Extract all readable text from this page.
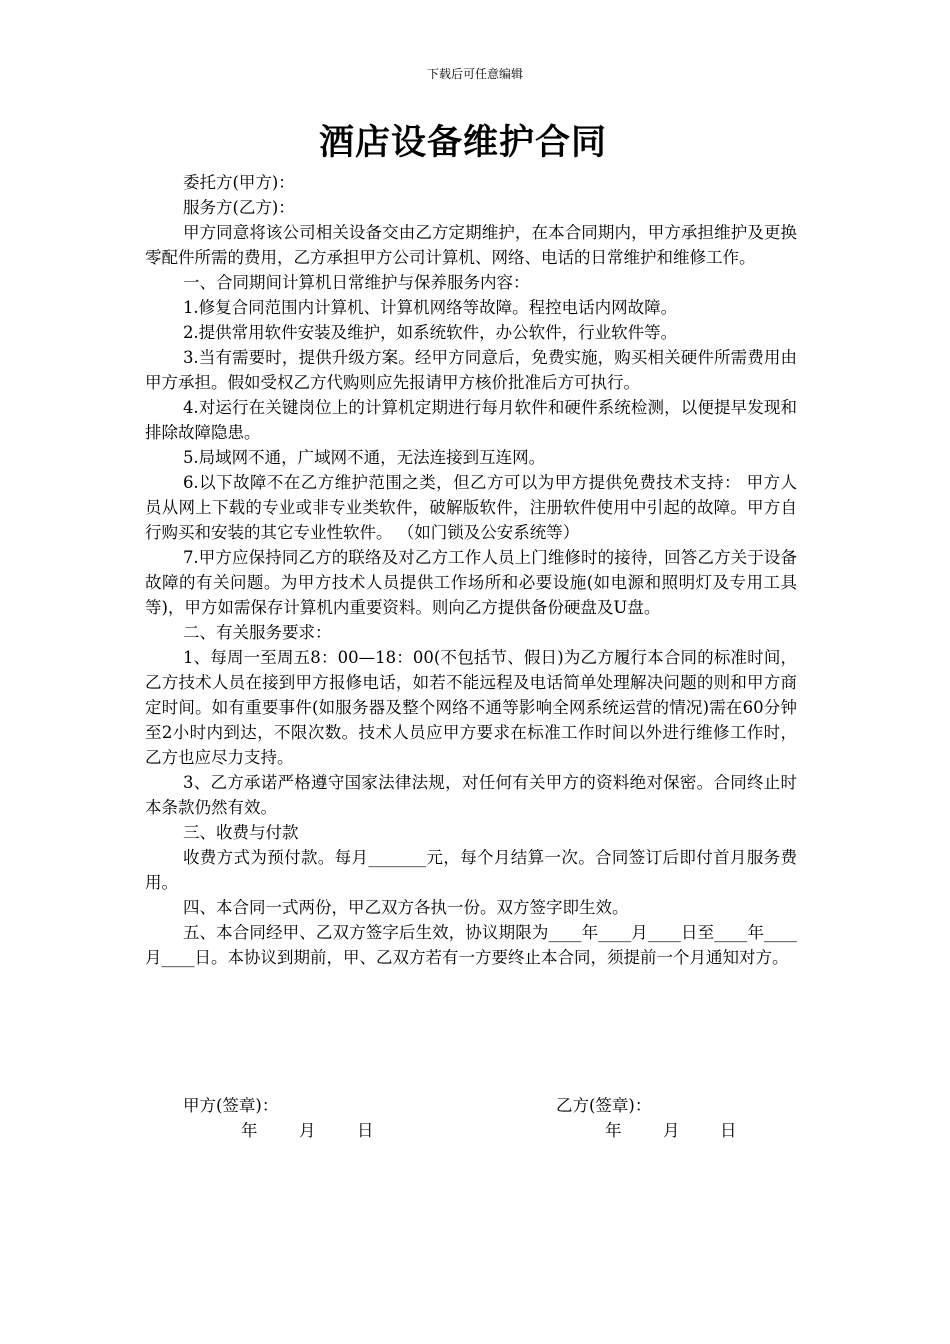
下载后可任意编辑
酒店设备维护合同

委托方(甲方)：

服务方(乙方)：

甲方同意将该公司相关设备交由乙方定期维护，在本合同期内，甲方承担维护及更换零配件所需的费用，乙方承担甲方公司计算机、网络、电话的日常维护和维修工作。

一、合同期间计算机日常维护与保养服务内容：

1.修复合同范围内计算机、计算机网络等故障。程控电话内网故障。

2.提供常用软件安装及维护，如系统软件，办公软件，行业软件等。

3.当有需要时，提供升级方案。经甲方同意后，免费实施，购买相关硬件所需费用由甲方承担。假如受权乙方代购则应先报请甲方核价批准后方可执行。

4.对运行在关键岗位上的计算机定期进行每月软件和硬件系统检测，以便提早发现和排除故障隐患。

5.局域网不通，广域网不通，无法连接到互连网。

6.以下故障不在乙方维护范围之类，但乙方可以为甲方提供免费技术支持： 甲方人员从网上下载的专业或非专业类软件，破解版软件，注册软件使用中引起的故障。甲方自行购买和安装的其它专业性软件。 （如门锁及公安系统等）

7.甲方应保持同乙方的联络及对乙方工作人员上门维修时的接待，回答乙方关于设备故障的有关问题。为甲方技术人员提供工作场所和必要设施(如电源和照明灯及专用工具等)，甲方如需保存计算机内重要资料。则向乙方提供备份硬盘及U盘。

二、有关服务要求：

1、每周一至周五8：00—18：00(不包括节、假日)为乙方履行本合同的标准时间，乙方技术人员在接到甲方报修电话，如若不能远程及电话简单处理解决问题的则和甲方商定时间。如有重要事件(如服务器及整个网络不通等影响全网系统运营的情况)需在60分钟至2小时内到达，不限次数。技术人员应甲方要求在标准工作时间以外进行维修工作时，乙方也应尽力支持。

3、乙方承诺严格遵守国家法律法规，对任何有关甲方的资料绝对保密。合同终止时本条款仍然有效。

三、收费与付款

收费方式为预付款。每月_______元，每个月结算一次。合同签订后即付首月服务费用。

四、本合同一式两份，甲乙双方各执一份。双方签字即生效。

五、本合同经甲、乙双方签字后生效，协议期限为____年____月____日至____年____月____日。本协议到期前，甲、乙双方若有一方要终止本合同，须提前一个月通知对方。

甲方(签章)：	乙方(签章)：
年	月	日	年	月 日
